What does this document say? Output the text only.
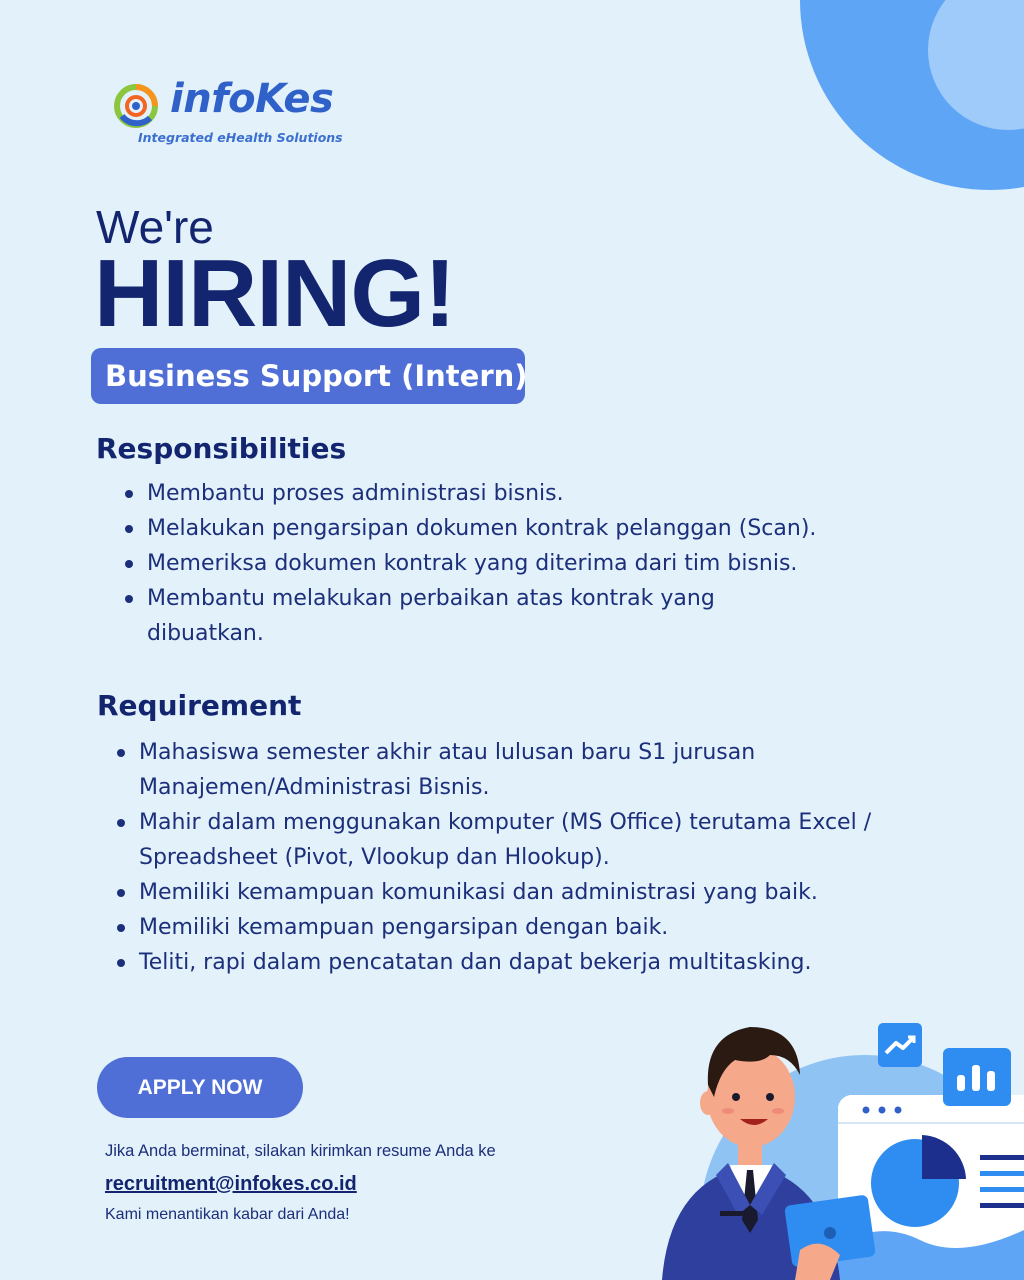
infoKes
Integrated eHealth Solutions
We're
HIRING!
Business Support (Intern)
Responsibilities
Membantu proses administrasi bisnis.
Melakukan pengarsipan dokumen kontrak pelanggan (Scan).
Memeriksa dokumen kontrak yang diterima dari tim bisnis.
Membantu melakukan perbaikan atas kontrak yang dibuatkan.
Requirement
Mahasiswa semester akhir atau lulusan baru S1 jurusan Manajemen/Administrasi Bisnis.
Mahir dalam menggunakan komputer (MS Office) terutama Excel / Spreadsheet (Pivot, Vlookup dan Hlookup).
Memiliki kemampuan komunikasi dan administrasi yang baik.
Memiliki kemampuan pengarsipan dengan baik.
Teliti, rapi dalam pencatatan dan dapat bekerja multitasking.
APPLY NOW
Jika Anda berminat, silakan kirimkan resume Anda ke
recruitment@infokes.co.id
Kami menantikan kabar dari Anda!
